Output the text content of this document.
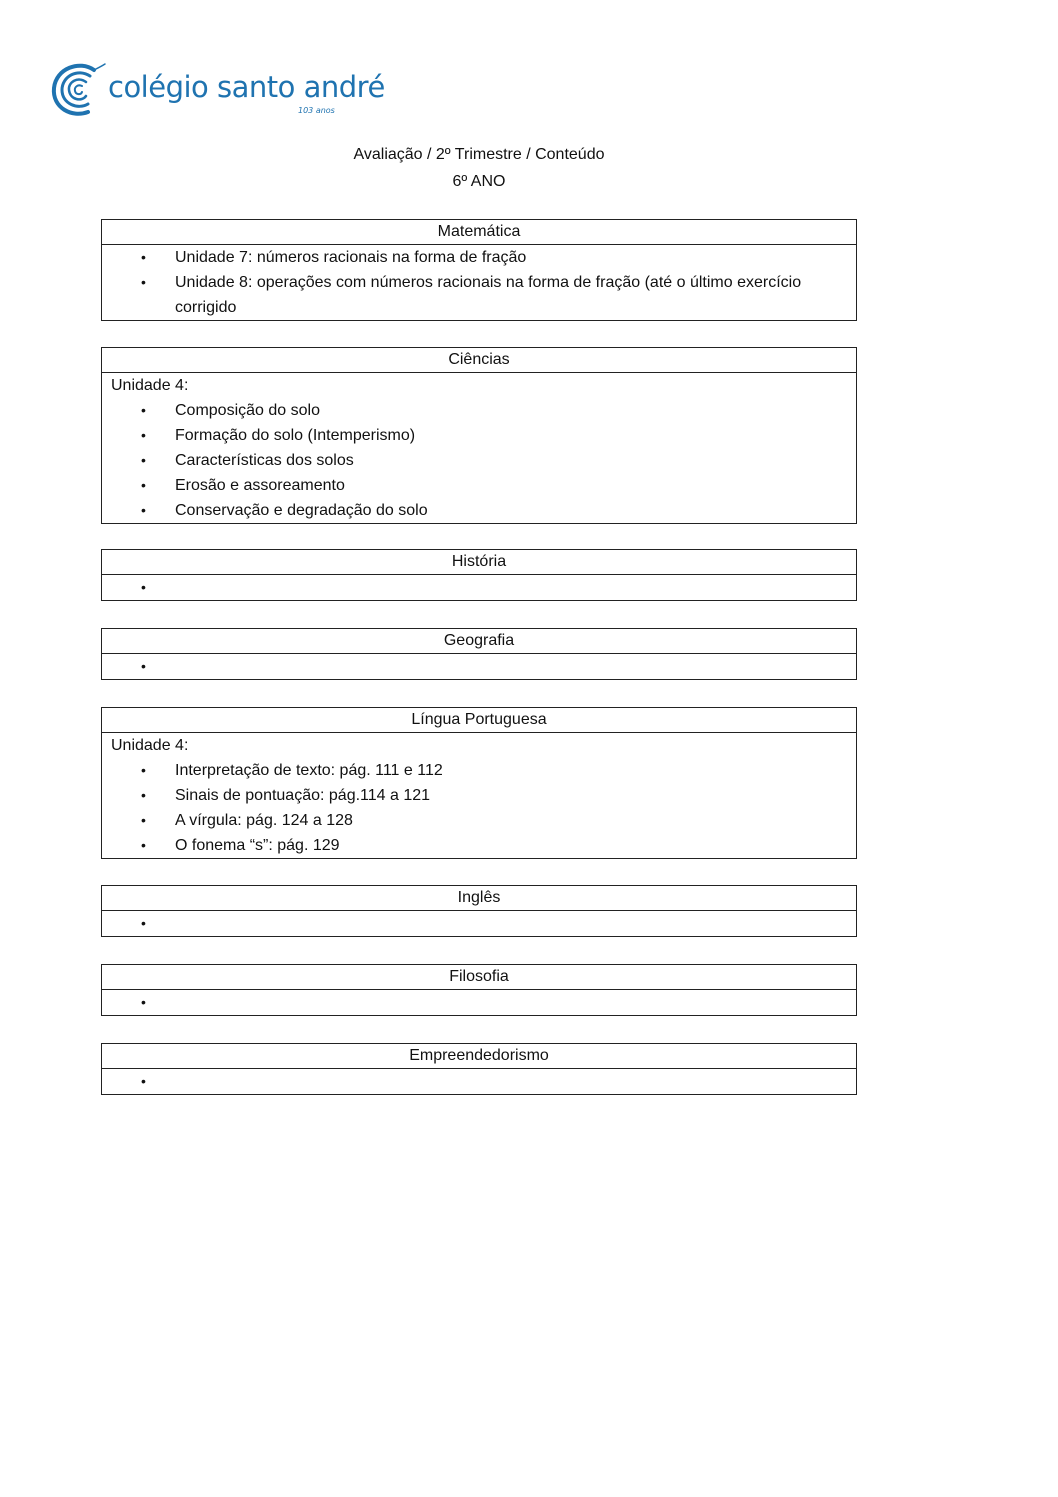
colégio santo andré
103 anos
Avaliação / 2º Trimestre / Conteúdo
6º ANO
Matemática
• Unidade 7: números racionais na forma de fração
• Unidade 8: operações com números racionais na forma de fração (até o último exercício corrigido
Ciências
Unidade 4:
• Composição do solo
• Formação do solo (Intemperismo)
• Características dos solos
• Erosão e assoreamento
• Conservação e degradação do solo
História
•
Geografia
•
Língua Portuguesa
Unidade 4:
• Interpretação de texto: pág. 111 e 112
• Sinais de pontuação: pág.114 a 121
• A vírgula: pág. 124 a 128
• O fonema “s”: pág. 129
Inglês
•
Filosofia
•
Empreendedorismo
•
